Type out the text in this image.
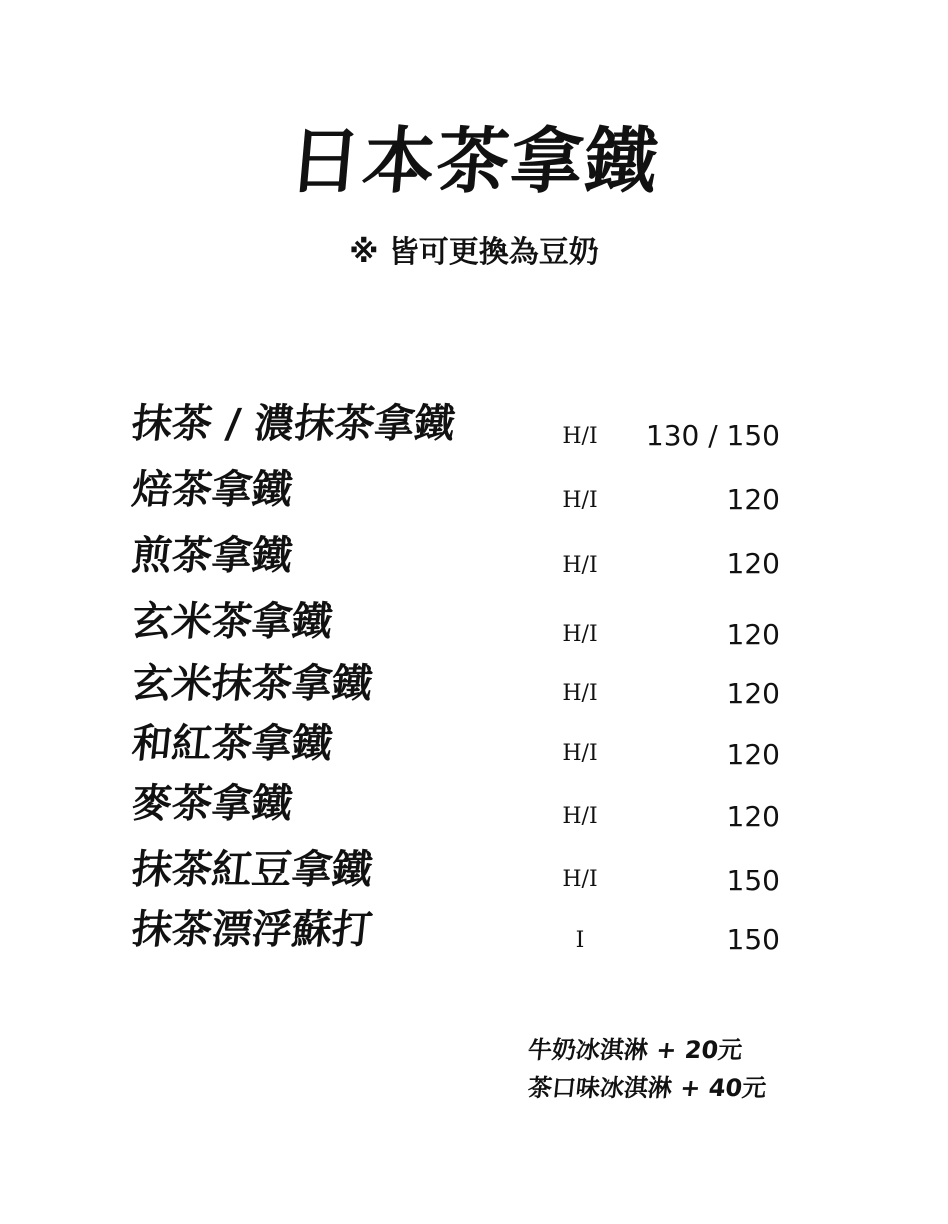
日本茶拿鐵
※ 皆可更換為豆奶
抹茶 / 濃抹茶拿鐵	H/I	130 / 150
焙茶拿鐵	H/I	120
煎茶拿鐵	H/I	120
玄米茶拿鐵	H/I	120
玄米抹茶拿鐵	H/I	120
和紅茶拿鐵	H/I	120
麥茶拿鐵	H/I	120
抹茶紅豆拿鐵	H/I	150
抹茶漂浮蘇打	I	150
牛奶冰淇淋 + 20元
茶口味冰淇淋 + 40元
